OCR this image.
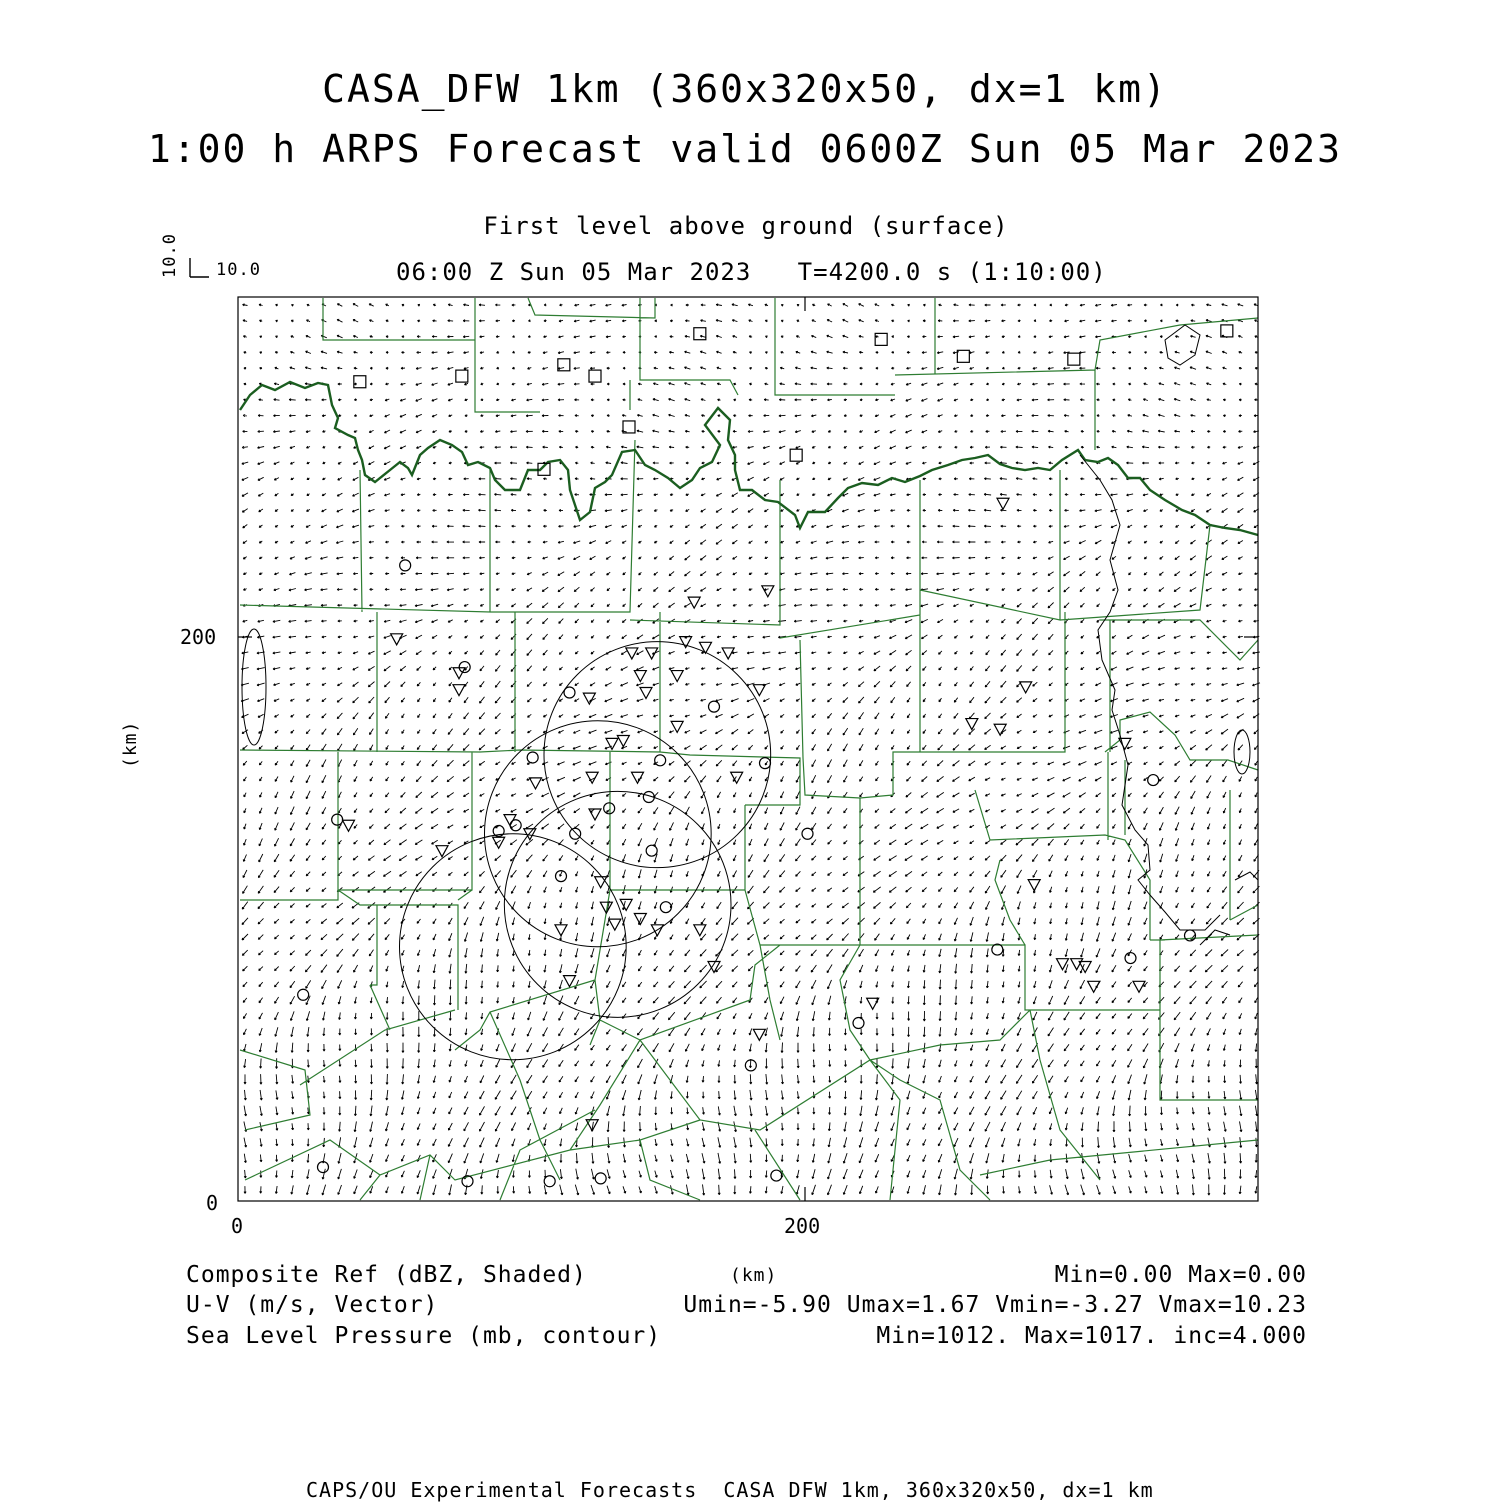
CASA_DFW 1km (360x320x50, dx=1 km)
1:00 h ARPS Forecast valid 0600Z Sun 05 Mar 2023
First level above ground (surface)
06:00 Z Sun 05 Mar 2023   T=4200.0 s (1:10:00)
10.0
10.0
200
0
0	200
(km)
(km)
Composite Ref (dBZ, Shaded)
U-V (m/s, Vector)
Sea Level Pressure (mb, contour)
Min=0.00 Max=0.00
Umin=-5.90 Umax=1.67 Vmin=-3.27 Vmax=10.23
Min=1012. Max=1017. inc=4.000
CAPS/OU Experimental Forecasts  CASA DFW 1km, 360x320x50, dx=1 km
